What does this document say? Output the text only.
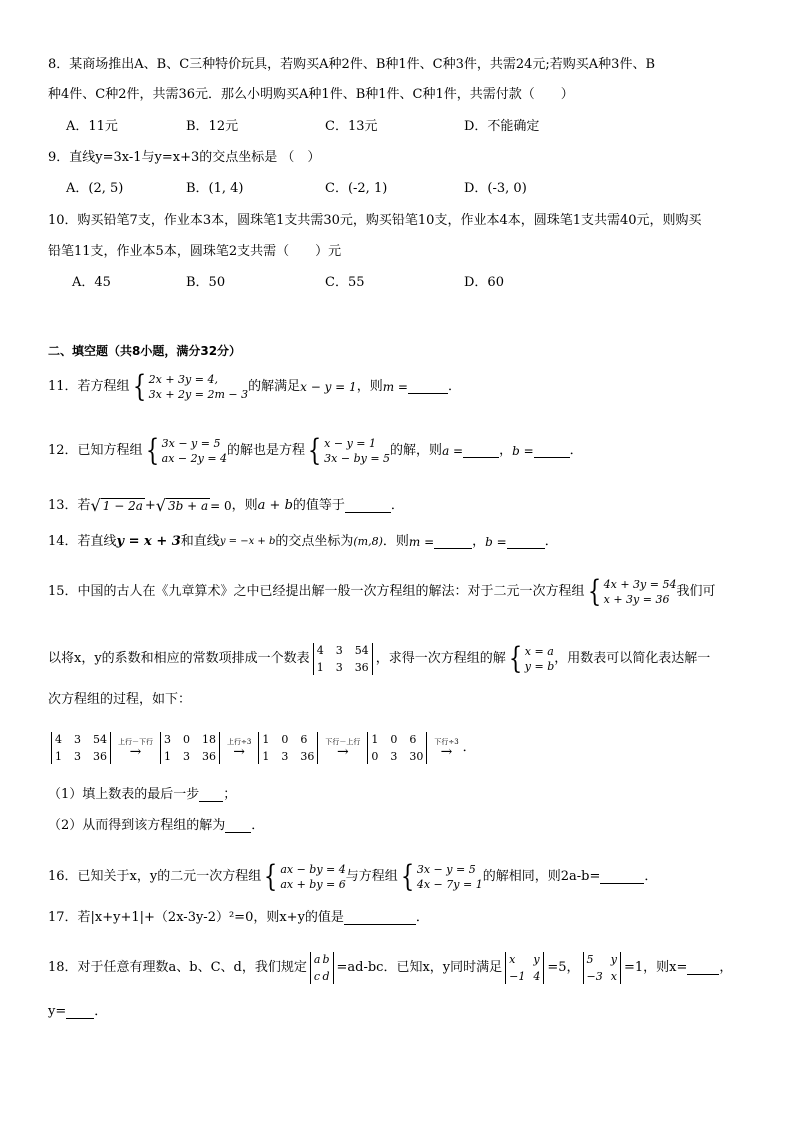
8．某商场推出A、B、C三种特价玩具，若购买A种2件、B种1件、C种3件，共需24元;若购买A种3件、B
种4件、C种2件，共需36元．那么小明购买A种1件、B种1件、C种1件，共需付款（　　）
A．11元	B．12元	C．13元	D．不能确定
9．直线y=3x-1与y=x+3的交点坐标是 （　）
A．(2, 5)	B．(1, 4)	C．(-2, 1)	D．(-3, 0)
10．购买铅笔7支，作业本3本，圆珠笔1支共需30元，购买铅笔10支，作业本4本，圆珠笔1支共需40元，则购买
铅笔11支，作业本5本，圆珠笔2支共需（　　）元
A．45	B．50	C．55	D．60
二、填空题（共8小题，满分32分）
11．若方程组 { 2x + 3y = 4,
3x + 2y = 2m − 3
的解满足 x − y = 1 ，则 m =	．
12．已知方程组 { 3x − y = 5
ax − 2y = 4
的解也是方程 { x − y = 1
3x − by = 5
的解，则 a =	， b =	．
13．若 √ 1 − 2a + √ 3b + a = 0 ，则 a + b 的值等于	．
14．若直线 y = x + 3 和直线 y = −x + b 的交点坐标为 (m,8) ．则 m =	， b =	．
15．中国的古人在《九章算术》之中已经提出解一般一次方程组的解法：对于二元一次方程组 { 4x + 3y = 54
x + 3y = 36
我们可
以将x，y的系数和相应的常数项排成一个数表
4 3 54
1 3 36
，求得一次方程组的解 { x = a
y = b
，用数表可以简化表达解一
次方程组的过程，如下：
4 3 54
1 3 36
上行－下行
→
3 0 18
1 3 36
上行÷3
→
1 0 6
1 3 36
下行－上行
→
1 0 6
0 3 30
下行÷3
→ ．
（1）填上数表的最后一步 ；
（2）从而得到该方程组的解为 ．
16．已知关于x，y的二元一次方程组 { ax − by = 4
ax + by = 6
与方程组 { 3x − y = 5
4x − 7y = 1
的解相同，则2a-b=	．
17．若|x+y+1|+（2x-3y-2）²=0，则x+y的值是	．
18．对于任意有理数a、b、C、d，我们规定
a b
c d
=ad-bc．已知x，y同时满足
x	y
−1 4
=5，
5	y
−3 x
=1，则x= ，
y= ．
